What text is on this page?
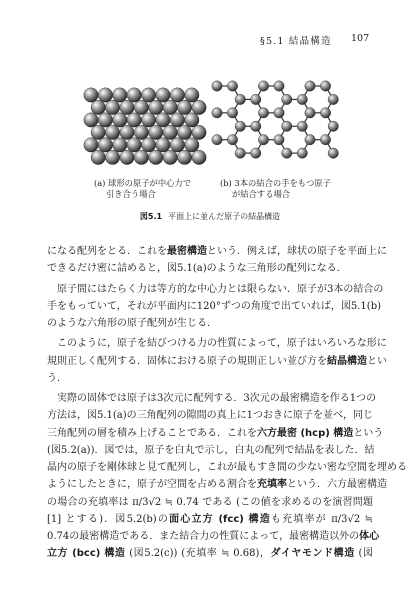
§5.1 結晶構造 107
(a) 球形の原子が中心力で
引き合う場合
(b) 3本の結合の手をもつ原子
が結合する場合
図5.1 平面上に並んだ原子の結晶構造
になる配列をとる．これを最密構造という．例えば，球状の原子を平面上に
できるだけ密に詰めると，図5.1(a)のような三角形の配列になる．
原子間にはたらく力は等方的な中心力とは限らない．原子が3本の結合の
手をもっていて，それが平面内に120°ずつの角度で出ていれば，図5.1(b)
のような六角形の原子配列が生じる．
このように，原子を結びつける力の性質によって，原子はいろいろな形に
規則正しく配列する．固体における原子の規則正しい並び方を結晶構造とい
う．
実際の固体では原子は3次元に配列する．3次元の最密構造を作る1つの
方法は，図5.1(a)の三角配列の隙間の真上に1つおきに原子を並べ，同じ
三角配列の層を積み上げることである．これを六方最密 (hcp) 構造という
(図5.2(a))．図では，原子を白丸で示し，白丸の配列で結晶を表した．結
晶内の原子を剛体球と見て配列し，これが最もすき間の少ない密な空間を埋める
ようにしたときに，原子が空間を占める割合を充填率という．六方最密構造
の場合の充填率は π/3√2 ≒ 0.74 である (この値を求めるのを演習問題
[1] とする)．図5.2(b)の面心立方 (fcc) 構造も充填率が π/3√2 ≒
0.74の最密構造である．また結合力の性質によって，最密構造以外の体心
立方 (bcc) 構造 (図5.2(c)) (充填率 ≒ 0.68)，ダイヤモンド構造 (図
